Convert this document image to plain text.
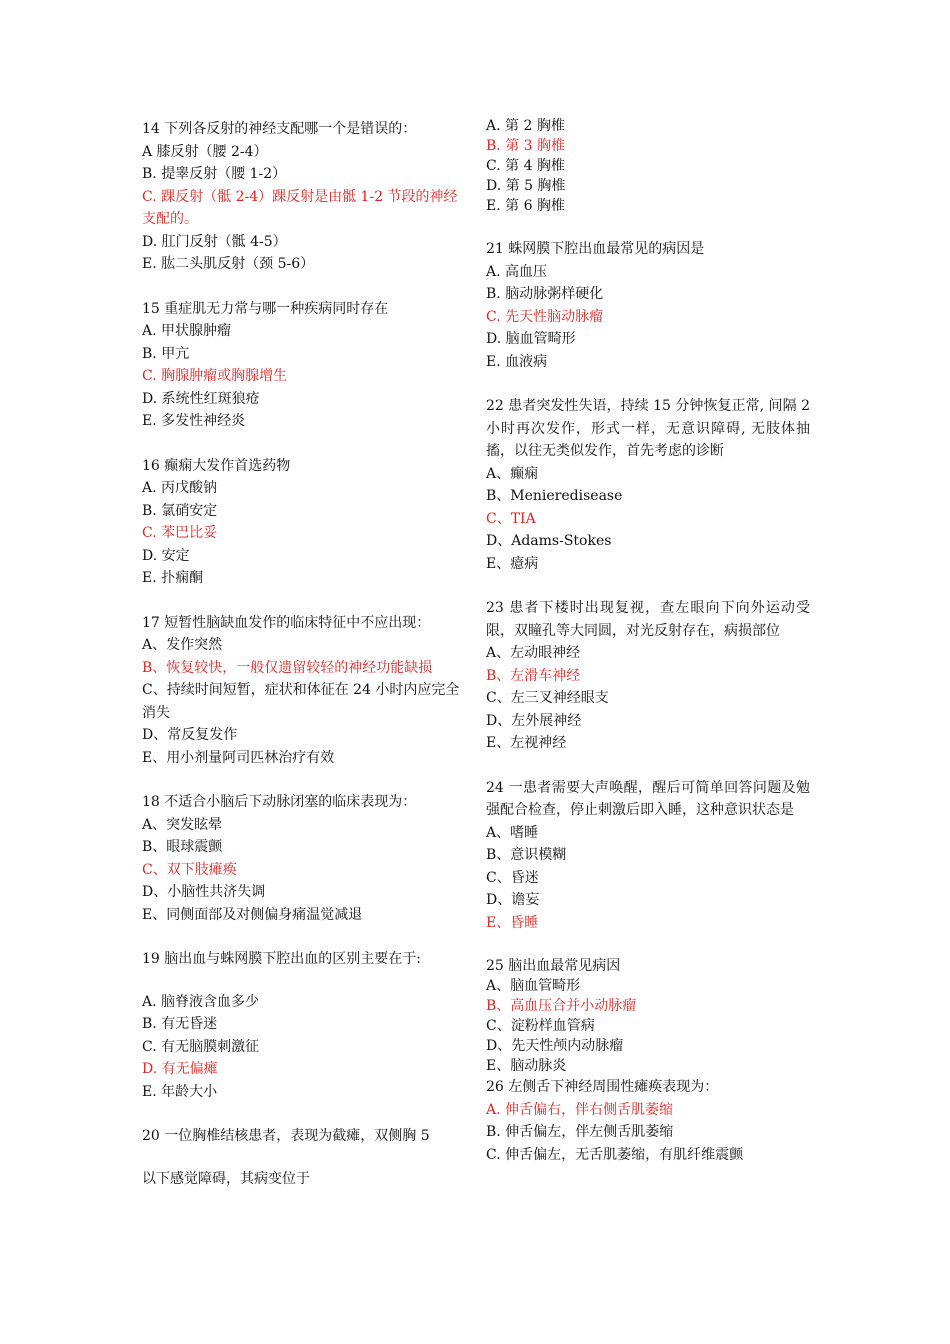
14 下列各反射的神经支配哪一个是错误的：

A 膝反射（腰 2-4）

B. 提睾反射（腰 1-2）

C. 踝反射（骶 2-4）踝反射是由骶 1-2 节段的神经支配的。

D. 肛门反射（骶 4-5）

E. 肱二头肌反射（颈 5-6）

15 重症肌无力常与哪一种疾病同时存在

A. 甲状腺肿瘤

B. 甲亢

C. 胸腺肿瘤或胸腺增生

D. 系统性红斑狼疮

E. 多发性神经炎

16 癫痫大发作首选药物

A. 丙戊酸钠

B. 氯硝安定

C. 苯巴比妥

D. 安定

E. 扑痫酮

17 短暂性脑缺血发作的临床特征中不应出现：

A、发作突然

B、恢复较快，一般仅遗留较轻的神经功能缺损

C、持续时间短暂，症状和体征在 24 小时内应完全消失

D、常反复发作

E、用小剂量阿司匹林治疗有效

18 不适合小脑后下动脉闭塞的临床表现为：

A、突发眩晕

B、眼球震颤

C、双下肢瘫痪

D、小脑性共济失调

E、同侧面部及对侧偏身痛温觉减退

19 脑出血与蛛网膜下腔出血的区别主要在于:

A. 脑脊液含血多少

B. 有无昏迷

C. 有无脑膜刺激征

D. 有无偏瘫

E. 年龄大小

20 一位胸椎结核患者，表现为截瘫，双侧胸 5

以下感觉障碍，其病变位于

A. 第 2 胸椎

B. 第 3 胸椎

C. 第 4 胸椎

D. 第 5 胸椎

E. 第 6 胸椎

21 蛛网膜下腔出血最常见的病因是

A. 高血压

B. 脑动脉粥样硬化

C. 先天性脑动脉瘤

D. 脑血管畸形

E. 血液病

22 患者突发性失语，持续 15 分钟恢复正常, 间隔 2 小时再次发作，形式一样，无意识障碍, 无肢体抽搐，以往无类似发作，首先考虑的诊断

A、癫痫

B、Menieredisease

C、TIA

D、Adams-Stokes

E、癔病

23 患者下楼时出现复视，查左眼向下向外运动受限，双瞳孔等大同圆，对光反射存在，病损部位

A、左动眼神经

B、左滑车神经

C、左三叉神经眼支

D、左外展神经

E、左视神经

24 一患者需要大声唤醒，醒后可简单回答问题及勉强配合检查，停止刺激后即入睡，这种意识状态是

A、嗜睡

B、意识模糊

C、昏迷

D、谵妄

E、昏睡

25 脑出血最常见病因

A、脑血管畸形

B、高血压合并小动脉瘤

C、淀粉样血管病

D、先天性颅内动脉瘤

E、脑动脉炎

26 左侧舌下神经周围性瘫痪表现为：

A. 伸舌偏右，伴右侧舌肌萎缩

B. 伸舌偏左，伴左侧舌肌萎缩

C. 伸舌偏左，无舌肌萎缩，有肌纤维震颤
